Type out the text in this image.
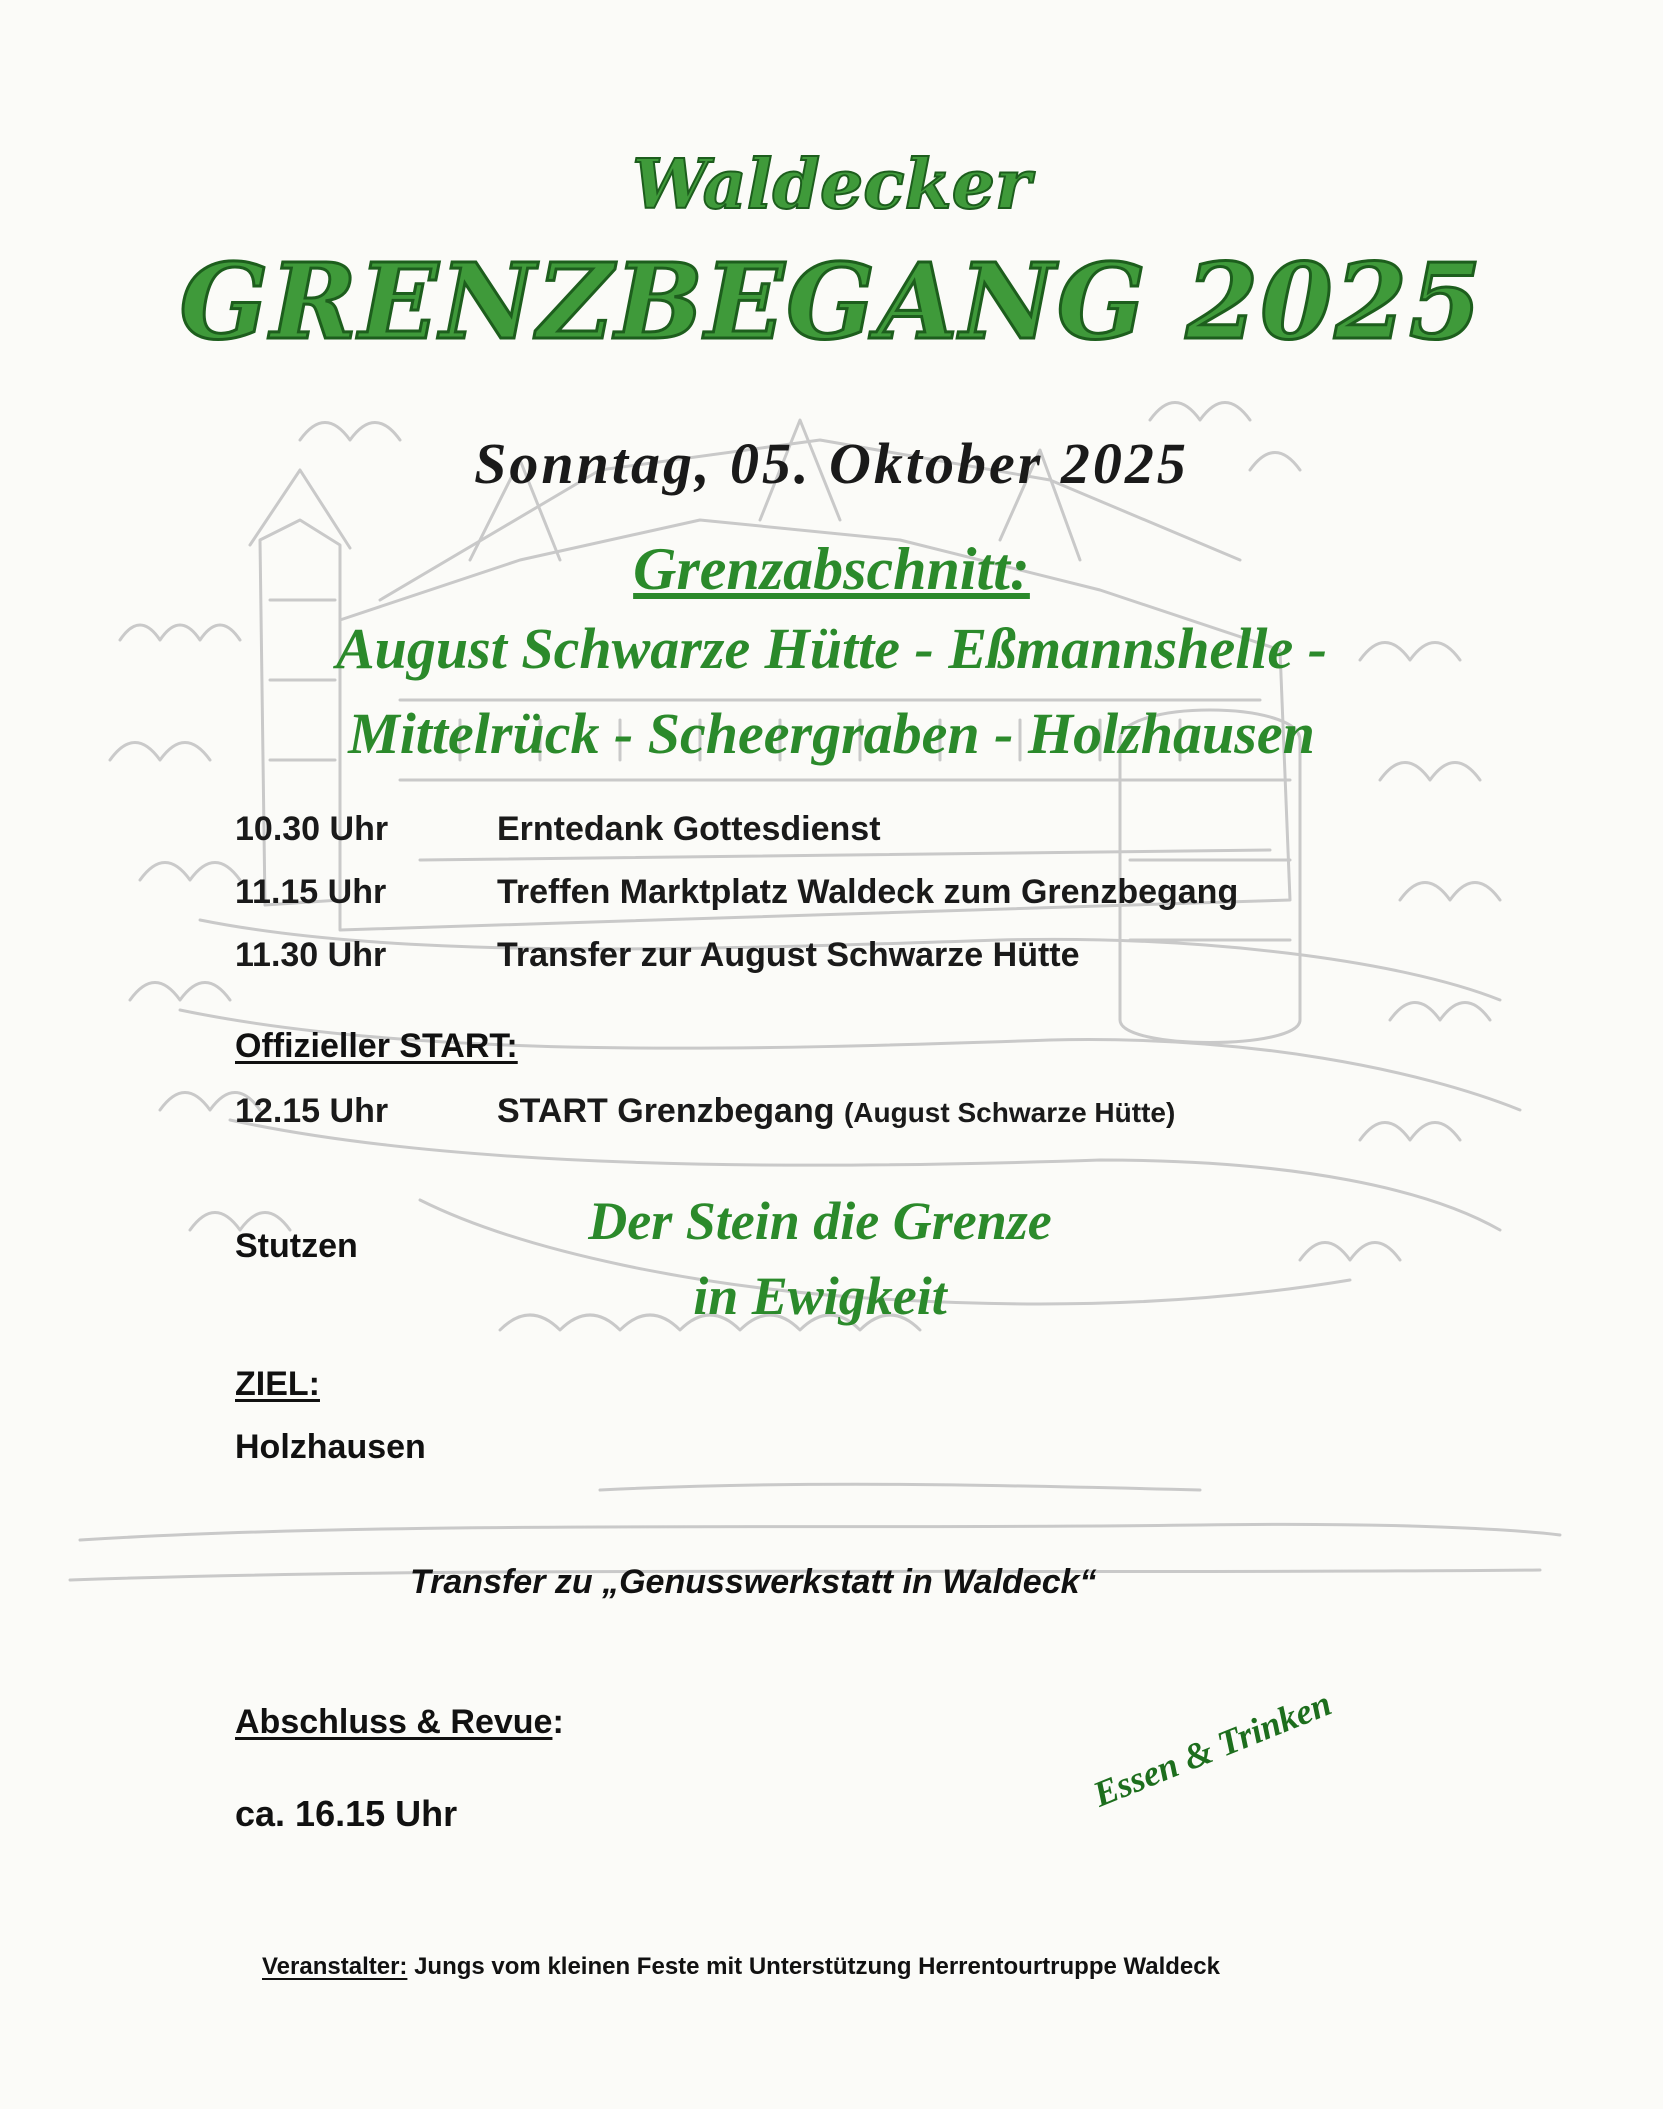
Waldecker
GRENZBEGANG 2025
Sonntag, 05. Oktober 2025
Grenzabschnitt:
August Schwarze Hütte - Eßmannshelle -
Mittelrück - Scheergraben - Holzhausen
10.30 Uhr	Erntedank Gottesdienst
11.15 Uhr	Treffen Marktplatz Waldeck zum Grenzbegang
11.30 Uhr	Transfer zur August Schwarze Hütte
Offizieller START:
12.15 Uhr	START Grenzbegang (August Schwarze Hütte)
Stutzen	Der Stein die Grenze
in Ewigkeit
ZIEL:
Holzhausen
Transfer zu „Genusswerkstatt in Waldeck“
Abschluss & Revue:
ca. 16.15 Uhr	Essen & Trinken
Veranstalter: Jungs vom kleinen Feste mit Unterstützung Herrentourtruppe Waldeck
